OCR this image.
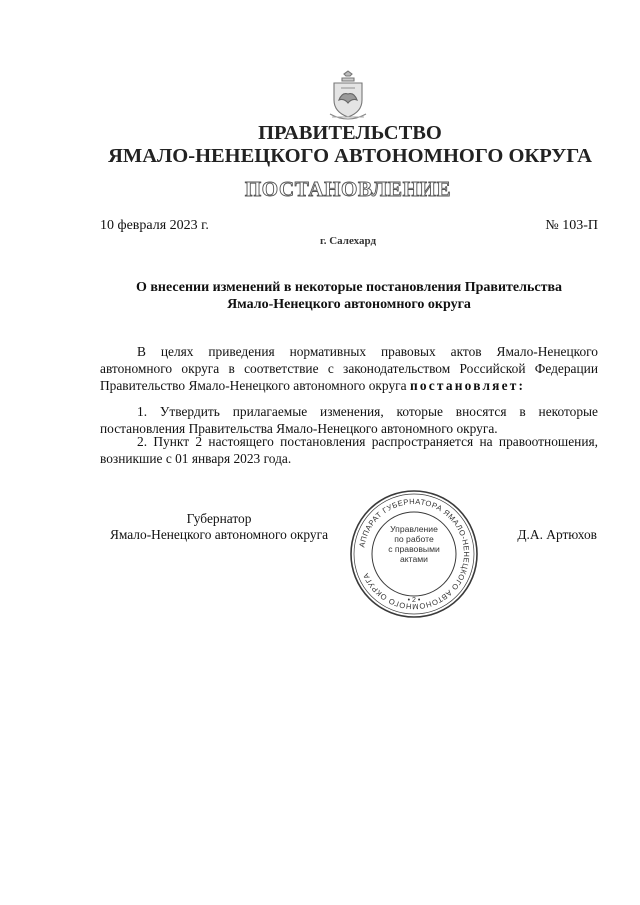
ПРАВИТЕЛЬСТВО
ЯМАЛО-НЕНЕЦКОГО АВТОНОМНОГО ОКРУГА
ПОСТАНОВЛЕНИЕ
10 февраля 2023 г.	№ 103-П
г. Салехард
О внесении изменений в некоторые постановления Правительства
Ямало-Ненецкого автономного округа
В целях приведения нормативных правовых актов Ямало-Ненецкого автономного округа в соответствие с законодательством Российской Федерации Правительство Ямало-Ненецкого автономного округа постановляет:
1. Утвердить прилагаемые изменения, которые вносятся в некоторые постановления Правительства Ямало-Ненецкого автономного округа.
2. Пункт 2 настоящего постановления распространяется на правоотношения, возникшие с 01 января 2023 года.
Губернатор
Ямало-Ненецкого автономного округа	Д.А. Артюхов
АППАРАТ ГУБЕРНАТОРА ЯМАЛО-НЕНЕЦКОГО АВТОНОМНОГО ОКРУГА
• 2 •
Управление
по работе
с правовыми
актами
